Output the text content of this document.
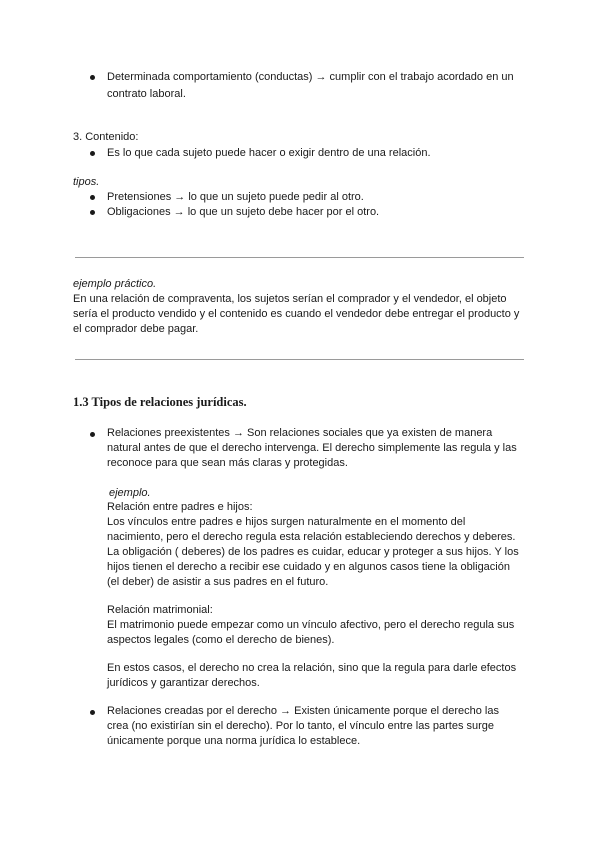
Determinada comportamiento (conductas) → cumplir con el trabajo acordado en un
contrato laboral.
3. Contenido:
Es lo que cada sujeto puede hacer o exigir dentro de una relación.
tipos.
Pretensiones → lo que un sujeto puede pedir al otro.
Obligaciones → lo que un sujeto debe hacer por el otro.
ejemplo práctico.
En una relación de compraventa, los sujetos serían el comprador y el vendedor, el objeto
sería el producto vendido y el contenido es cuando el vendedor debe entregar el producto y
el comprador debe pagar.
1.3 Tipos de relaciones jurídicas.
Relaciones preexistentes → Son relaciones sociales que ya existen de manera
natural antes de que el derecho intervenga. El derecho simplemente las regula y las
reconoce para que sean más claras y protegidas.
ejemplo.
Relación entre padres e hijos:
Los vínculos entre padres e hijos surgen naturalmente en el momento del
nacimiento, pero el derecho regula esta relación estableciendo derechos y deberes.
La obligación ( deberes) de los padres es cuidar, educar y proteger a sus hijos. Y los
hijos tienen el derecho a recibir ese cuidado y en algunos casos tiene la obligación
(el deber) de asistir a sus padres en el futuro.
Relación matrimonial:
El matrimonio puede empezar como un vínculo afectivo, pero el derecho regula sus
aspectos legales (como el derecho de bienes).
En estos casos, el derecho no crea la relación, sino que la regula para darle efectos
jurídicos y garantizar derechos.
Relaciones creadas por el derecho → Existen únicamente porque el derecho las
crea (no existirían sin el derecho). Por lo tanto, el vínculo entre las partes surge
únicamente porque una norma jurídica lo establece.
